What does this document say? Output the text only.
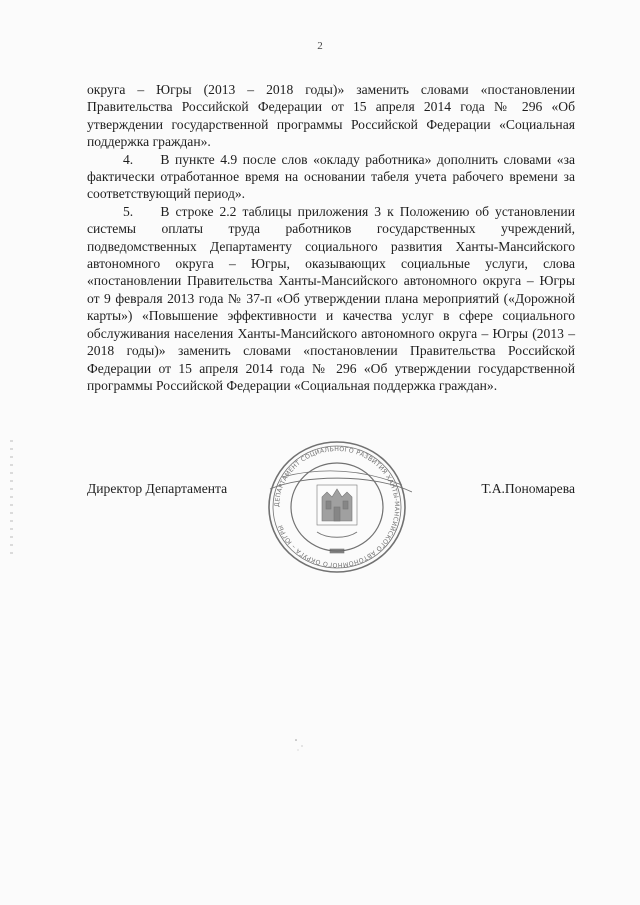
2

округа – Югры (2013 – 2018 годы)» заменить словами «постановлении Правительства Российской Федерации от 15 апреля 2014 года № 296 «Об утверждении государственной программы Российской Федерации «Социальная поддержка граждан».

4.  В пункте 4.9 после слов «окладу работника» дополнить словами «за фактически отработанное время на основании табеля учета рабочего времени за соответствующий период».

5.  В строке 2.2 таблицы приложения 3 к Положению об установлении системы оплаты труда работников государственных учреждений, подведомственных Департаменту социального развития Ханты-Мансийского автономного округа – Югры, оказывающих социальные услуги, слова «постановлении Правительства Ханты-Мансийского автономного округа – Югры от 9 февраля 2013 года № 37-п «Об утверждении плана мероприятий («Дорожной карты») «Повышение эффективности и качества услуг в сфере социального обслуживания населения Ханты-Мансийского автономного округа – Югры (2013 – 2018 годы)» заменить словами «постановлении Правительства Российской Федерации от 15 апреля 2014 года № 296 «Об утверждении государственной программы Российской Федерации «Социальная поддержка граждан».

ДЕПАРТАМЕНТ СОЦИАЛЬНОГО РАЗВИТИЯ ХАНТЫ-МАНСИЙСКОГО АВТОНОМНОГО ОКРУГА – ЮГРЫ
Директор Департамента	Т.А.Пономарева
